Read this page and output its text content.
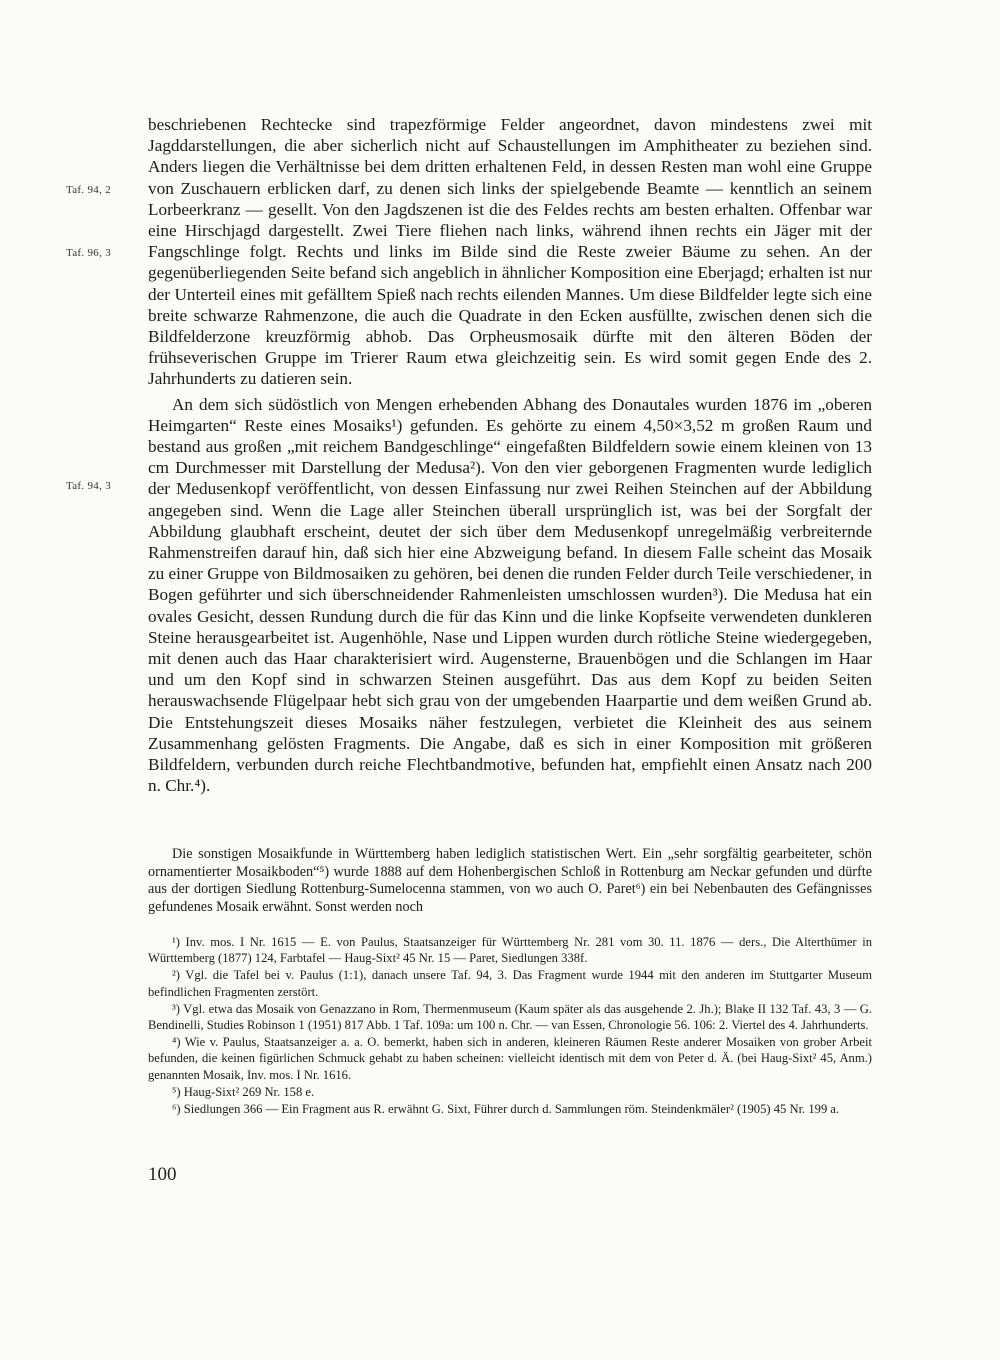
Taf. 94, 2
Taf. 96, 3
Taf. 94, 3

beschriebenen Rechtecke sind trapezförmige Felder angeordnet, davon mindestens zwei mit Jagddarstellungen, die aber sicherlich nicht auf Schaustellungen im Amphitheater zu beziehen sind. Anders liegen die Verhältnisse bei dem dritten erhaltenen Feld, in dessen Resten man wohl eine Gruppe von Zuschauern erblicken darf, zu denen sich links der spielgebende Beamte — kenntlich an seinem Lorbeerkranz — gesellt. Von den Jagdszenen ist die des Feldes rechts am besten erhalten. Offenbar war eine Hirschjagd dargestellt. Zwei Tiere fliehen nach links, während ihnen rechts ein Jäger mit der Fangschlinge folgt. Rechts und links im Bilde sind die Reste zweier Bäume zu sehen. An der gegenüberliegenden Seite befand sich angeblich in ähnlicher Komposition eine Eberjagd; erhalten ist nur der Unterteil eines mit gefälltem Spieß nach rechts eilenden Mannes. Um diese Bildfelder legte sich eine breite schwarze Rahmenzone, die auch die Quadrate in den Ecken ausfüllte, zwischen denen sich die Bildfelderzone kreuzförmig abhob. Das Orpheusmosaik dürfte mit den älteren Böden der frühseverischen Gruppe im Trierer Raum etwa gleichzeitig sein. Es wird somit gegen Ende des 2. Jahrhunderts zu datieren sein.

An dem sich südöstlich von Mengen erhebenden Abhang des Donautales wurden 1876 im „oberen Heimgarten“ Reste eines Mosaiks¹) gefunden. Es gehörte zu einem 4,50×3,52 m großen Raum und bestand aus großen „mit reichem Bandgeschlinge“ eingefaßten Bildfeldern sowie einem kleinen von 13 cm Durchmesser mit Darstellung der Medusa²). Von den vier geborgenen Fragmenten wurde lediglich der Medusenkopf veröffentlicht, von dessen Einfassung nur zwei Reihen Steinchen auf der Abbildung angegeben sind. Wenn die Lage aller Steinchen überall ursprünglich ist, was bei der Sorgfalt der Abbildung glaubhaft erscheint, deutet der sich über dem Medusenkopf unregelmäßig verbreiternde Rahmenstreifen darauf hin, daß sich hier eine Abzweigung befand. In diesem Falle scheint das Mosaik zu einer Gruppe von Bildmosaiken zu gehören, bei denen die runden Felder durch Teile verschiedener, in Bogen geführter und sich überschneidender Rahmenleisten umschlossen wurden³). Die Medusa hat ein ovales Gesicht, dessen Rundung durch die für das Kinn und die linke Kopfseite verwendeten dunkleren Steine herausgearbeitet ist. Augenhöhle, Nase und Lippen wurden durch rötliche Steine wiedergegeben, mit denen auch das Haar charakterisiert wird. Augensterne, Brauenbögen und die Schlangen im Haar und um den Kopf sind in schwarzen Steinen ausgeführt. Das aus dem Kopf zu beiden Seiten herauswachsende Flügelpaar hebt sich grau von der umgebenden Haarpartie und dem weißen Grund ab. Die Entstehungszeit dieses Mosaiks näher festzulegen, verbietet die Kleinheit des aus seinem Zusammenhang gelösten Fragments. Die Angabe, daß es sich in einer Komposition mit größeren Bildfeldern, verbunden durch reiche Flechtbandmotive, befunden hat, empfiehlt einen Ansatz nach 200 n. Chr.⁴).

Die sonstigen Mosaikfunde in Württemberg haben lediglich statistischen Wert. Ein „sehr sorgfältig gearbeiteter, schön ornamentierter Mosaikboden“⁵) wurde 1888 auf dem Hohenbergischen Schloß in Rottenburg am Neckar gefunden und dürfte aus der dortigen Siedlung Rottenburg-Sumelocenna stammen, von wo auch O. Paret⁶) ein bei Nebenbauten des Gefängnisses gefundenes Mosaik erwähnt. Sonst werden noch

¹) Inv. mos. I Nr. 1615 — E. von Paulus, Staatsanzeiger für Württemberg Nr. 281 vom 30. 11. 1876 — ders., Die Alterthümer in Württemberg (1877) 124, Farbtafel — Haug-Sixt² 45 Nr. 15 — Paret, Siedlungen 338f.

²) Vgl. die Tafel bei v. Paulus (1:1), danach unsere Taf. 94, 3. Das Fragment wurde 1944 mit den anderen im Stuttgarter Museum befindlichen Fragmenten zerstört.

³) Vgl. etwa das Mosaik von Genazzano in Rom, Thermenmuseum (Kaum später als das ausgehende 2. Jh.); Blake II 132 Taf. 43, 3 — G. Bendinelli, Studies Robinson 1 (1951) 817 Abb. 1 Taf. 109a: um 100 n. Chr. — van Essen, Chronologie 56. 106: 2. Viertel des 4. Jahrhunderts.

⁴) Wie v. Paulus, Staatsanzeiger a. a. O. bemerkt, haben sich in anderen, kleineren Räumen Reste anderer Mosaiken von grober Arbeit befunden, die keinen figürlichen Schmuck gehabt zu haben scheinen: vielleicht identisch mit dem von Peter d. Ä. (bei Haug-Sixt² 45, Anm.) genannten Mosaik, Inv. mos. I Nr. 1616.

⁵) Haug-Sixt² 269 Nr. 158 e.

⁶) Siedlungen 366 — Ein Fragment aus R. erwähnt G. Sixt, Führer durch d. Sammlungen röm. Steindenkmäler² (1905) 45 Nr. 199 a.

100
